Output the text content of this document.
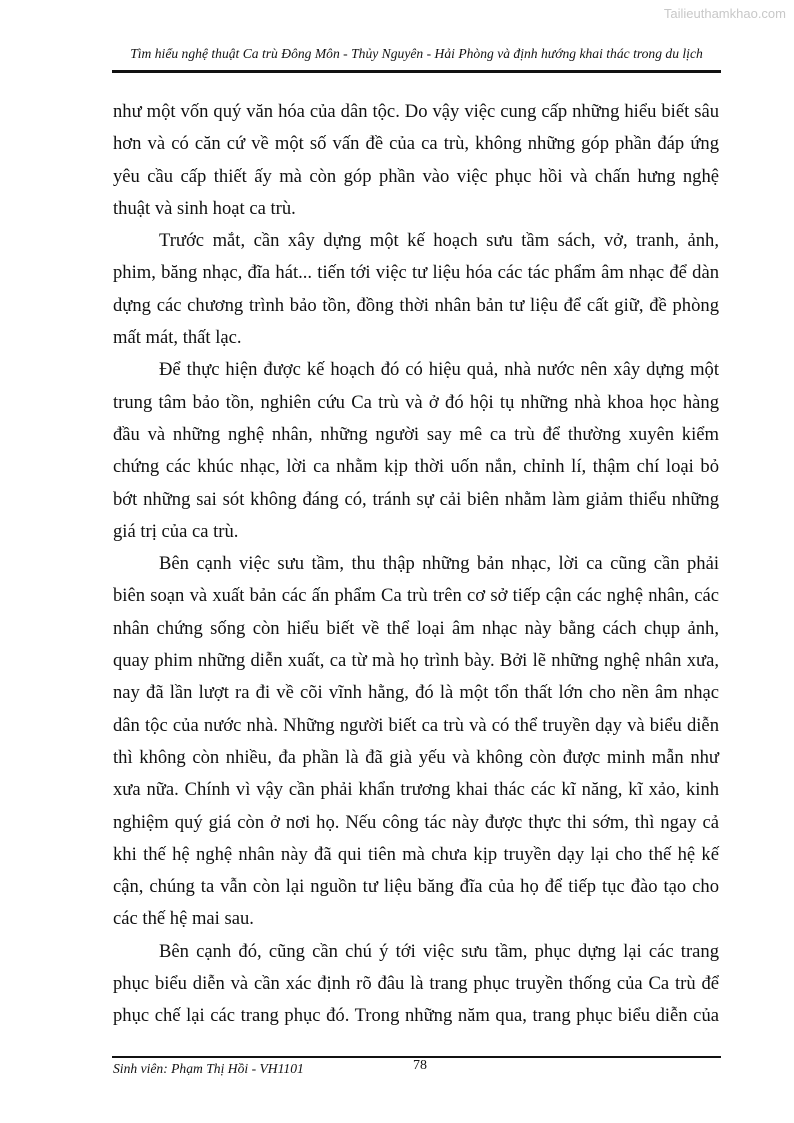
Tailieuthamkhao.com
Tìm hiểu nghệ thuật Ca trù Đông Môn - Thủy Nguyên - Hải Phòng và định hướng khai thác trong du lịch

như một vốn quý văn hóa của dân tộc. Do vậy việc cung cấp những hiểu biết sâu
hơn và có căn cứ về một số vấn đề của ca trù, không những góp phần đáp ứng
yêu cầu cấp thiết ấy mà còn góp phần vào việc phục hồi và chấn hưng nghệ
thuật và sinh hoạt ca trù.

Trước mắt, cần xây dựng một kế hoạch sưu tầm sách, vở, tranh, ảnh,
phim, băng nhạc, đĩa hát... tiến tới việc tư liệu hóa các tác phẩm âm nhạc để dàn
dựng các chương trình bảo tồn, đồng thời nhân bản tư liệu để cất giữ, đề phòng
mất mát, thất lạc.

Để thực hiện được kế hoạch đó có hiệu quả, nhà nước nên xây dựng một
trung tâm bảo tồn, nghiên cứu Ca trù và ở đó hội tụ những nhà khoa học hàng
đầu và những nghệ nhân, những người say mê ca trù để thường xuyên kiểm
chứng các khúc nhạc, lời ca nhằm kịp thời uốn nắn, chỉnh lí, thậm chí loại bỏ
bớt những sai sót không đáng có, tránh sự cải biên nhằm làm giảm thiểu những
giá trị của ca trù.

Bên cạnh việc sưu tầm, thu thập những bản nhạc, lời ca cũng cần phải
biên soạn và xuất bản các ấn phẩm Ca trù trên cơ sở tiếp cận các nghệ nhân, các
nhân chứng sống còn hiểu biết về thể loại âm nhạc này bằng cách chụp ảnh,
quay phim những diễn xuất, ca từ mà họ trình bày. Bởi lẽ những nghệ nhân xưa,
nay đã lần lượt ra đi về cõi vĩnh hằng, đó là một tổn thất lớn cho nền âm nhạc
dân tộc của nước nhà. Những người biết ca trù và có thể truyền dạy và biểu diễn
thì không còn nhiều, đa phần là đã già yếu và không còn được minh mẫn như
xưa nữa. Chính vì vậy cần phải khẩn trương khai thác các kĩ năng, kĩ xảo, kinh
nghiệm quý giá còn ở nơi họ. Nếu công tác này được thực thi sớm, thì ngay cả
khi thế hệ nghệ nhân này đã qui tiên mà chưa kịp truyền dạy lại cho thế hệ kế
cận, chúng ta vẫn còn lại nguồn tư liệu băng đĩa của họ để tiếp tục đào tạo cho
các thế hệ mai sau.

Bên cạnh đó, cũng cần chú ý tới việc sưu tầm, phục dựng lại các trang
phục biểu diễn và cần xác định rõ đâu là trang phục truyền thống của Ca trù để
phục chế lại các trang phục đó. Trong những năm qua, trang phục biểu diễn của

Sinh viên: Phạm Thị Hồi - VH1101	78
